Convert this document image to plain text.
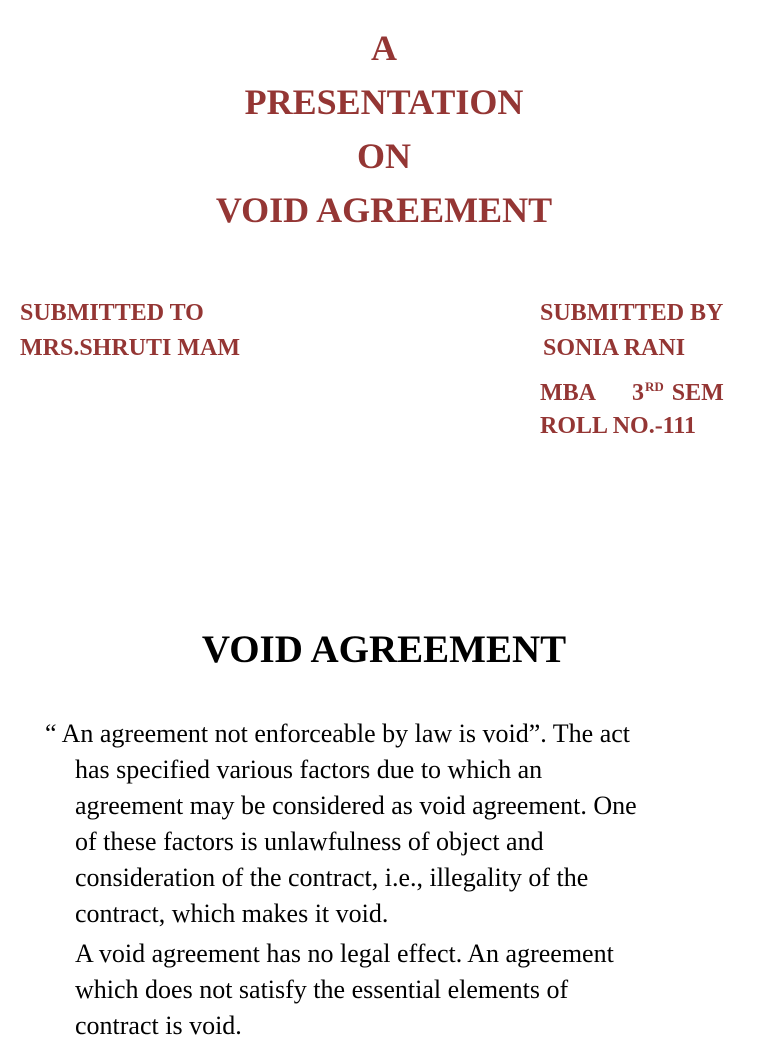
A
PRESENTATION
ON
VOID AGREEMENT
SUBMITTED TO
MRS.SHRUTI MAM
SUBMITTED BY
SONIA RANI
MBA 3RD SEM
ROLL NO.-111
VOID AGREEMENT
“ An agreement not enforceable by law is void”. The act
has specified various factors due to which an
agreement may be considered as void agreement. One
of these factors is unlawfulness of object and
consideration of the contract, i.e., illegality of the
contract, which makes it void.
A void agreement has no legal effect. An agreement
which does not satisfy the essential elements of
contract is void.
